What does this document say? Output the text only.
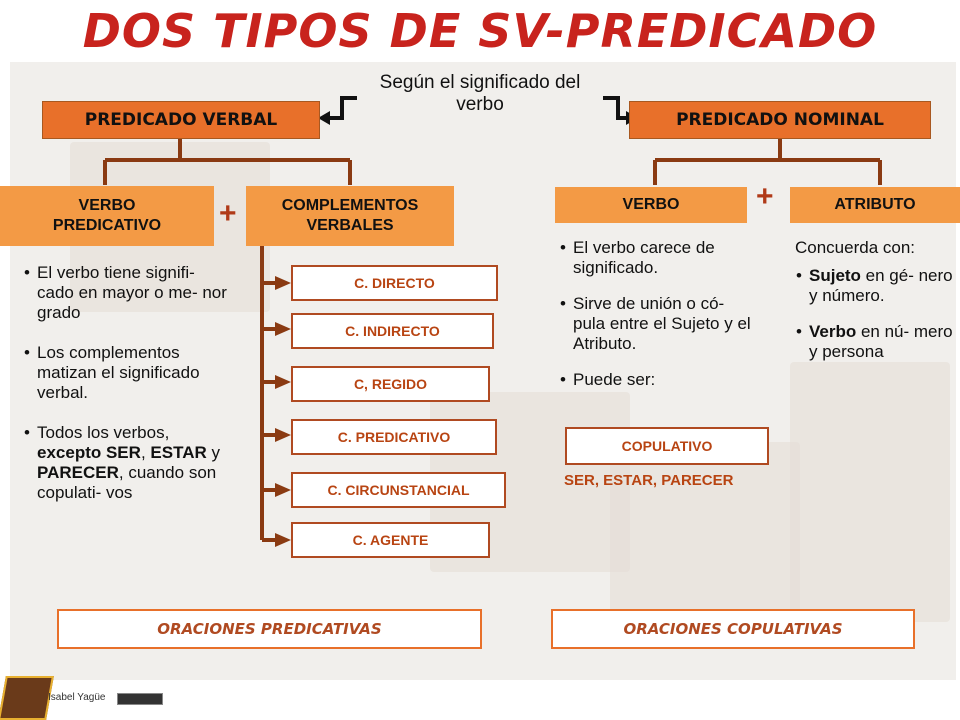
DOS TIPOS DE SV-PREDICADO
Según el significado del verbo
PREDICADO VERBAL	PREDICADO NOMINAL
VERBO PREDICATIVO	+	COMPLEMENTOS VERBALES
VERBO	+	ATRIBUTO
C. DIRECTO
C. INDIRECTO
C, REGIDO
C. PREDICATIVO
C. CIRCUNSTANCIAL
C. AGENTE
• El verbo tiene signifi- cado en mayor o me- nor grado
• Los complementos matizan el significado verbal.
• Todos los verbos, excepto SER, ESTAR y PARECER, cuando son copulati- vos
• El verbo carece de significado.
• Sirve de unión o có- pula entre el Sujeto y el Atributo.
• Puede ser:
COPULATIVO
SER, ESTAR, PARECER
Concuerda con:
• Sujeto en gé- nero y número.
• Verbo en nú- mero y persona
ORACIONES PREDICATIVAS	ORACIONES COPULATIVAS
Isabel Yagüe
